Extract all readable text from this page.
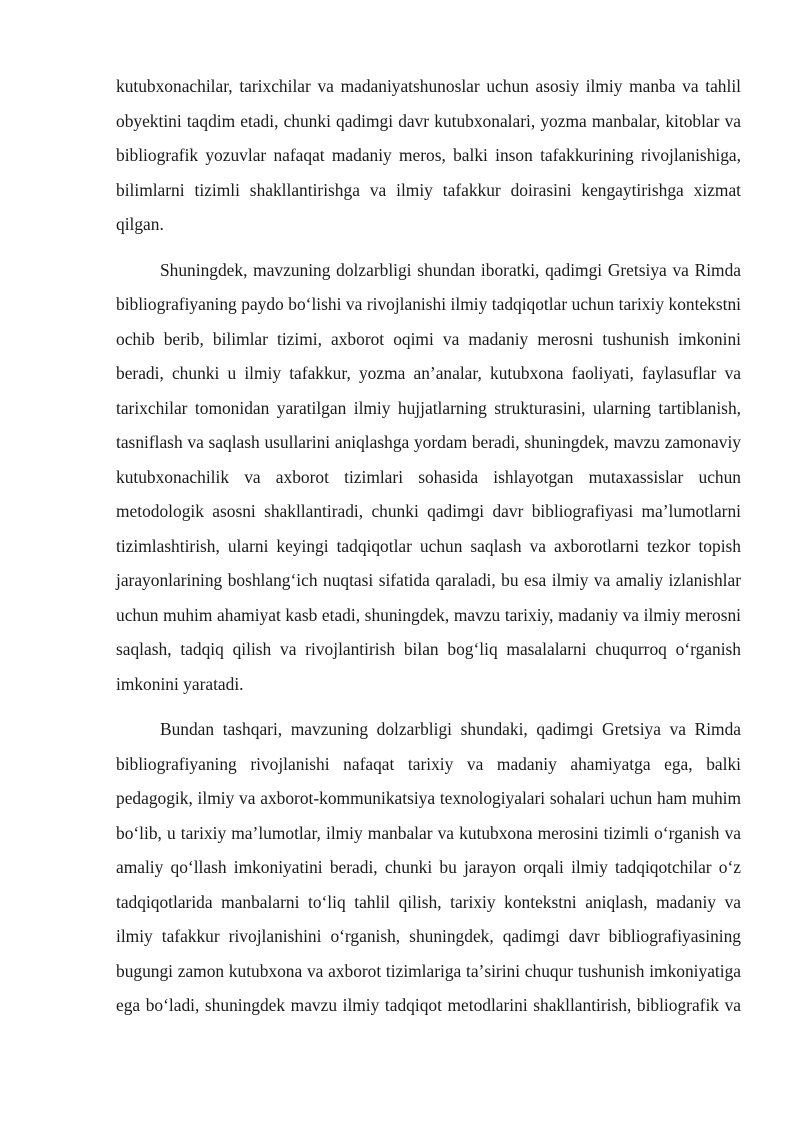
kutubxonachilar, tarixchilar va madaniyatshunoslar uchun asosiy ilmiy manba va tahlil obyektini taqdim etadi, chunki qadimgi davr kutubxonalari, yozma manbalar, kitoblar va bibliografik yozuvlar nafaqat madaniy meros, balki inson tafakkurining rivojlanishiga, bilimlarni tizimli shakllantirishga va ilmiy tafakkur doirasini kengaytirishga xizmat qilgan.

Shuningdek, mavzuning dolzarbligi shundan iboratki, qadimgi Gretsiya va Rimda bibliografiyaning paydo boʻlishi va rivojlanishi ilmiy tadqiqotlar uchun tarixiy kontekstni ochib berib, bilimlar tizimi, axborot oqimi va madaniy merosni tushunish imkonini beradi, chunki u ilmiy tafakkur, yozma anʼanalar, kutubxona faoliyati, faylasuflar va tarixchilar tomonidan yaratilgan ilmiy hujjatlarning strukturasini, ularning tartiblanish, tasniflash va saqlash usullarini aniqlashga yordam beradi, shuningdek, mavzu zamonaviy kutubxonachilik va axborot tizimlari sohasida ishlayotgan mutaxassislar uchun metodologik asosni shakllantiradi, chunki qadimgi davr bibliografiyasi maʼlumotlarni tizimlashtirish, ularni keyingi tadqiqotlar uchun saqlash va axborotlarni tezkor topish jarayonlarining boshlangʻich nuqtasi sifatida qaraladi, bu esa ilmiy va amaliy izlanishlar uchun muhim ahamiyat kasb etadi, shuningdek, mavzu tarixiy, madaniy va ilmiy merosni saqlash, tadqiq qilish va rivojlantirish bilan bogʻliq masalalarni chuqurroq oʻrganish imkonini yaratadi.

Bundan tashqari, mavzuning dolzarbligi shundaki, qadimgi Gretsiya va Rimda bibliografiyaning rivojlanishi nafaqat tarixiy va madaniy ahamiyatga ega, balki pedagogik, ilmiy va axborot-kommunikatsiya texnologiyalari sohalari uchun ham muhim boʻlib, u tarixiy maʼlumotlar, ilmiy manbalar va kutubxona merosini tizimli oʻrganish va amaliy qoʻllash imkoniyatini beradi, chunki bu jarayon orqali ilmiy tadqiqotchilar oʻz tadqiqotlarida manbalarni toʻliq tahlil qilish, tarixiy kontekstni aniqlash, madaniy va ilmiy tafakkur rivojlanishini oʻrganish, shuningdek, qadimgi davr bibliografiyasining bugungi zamon kutubxona va axborot tizimlariga taʼsirini chuqur tushunish imkoniyatiga ega boʻladi, shuningdek mavzu ilmiy tadqiqot metodlarini shakllantirish, bibliografik va
